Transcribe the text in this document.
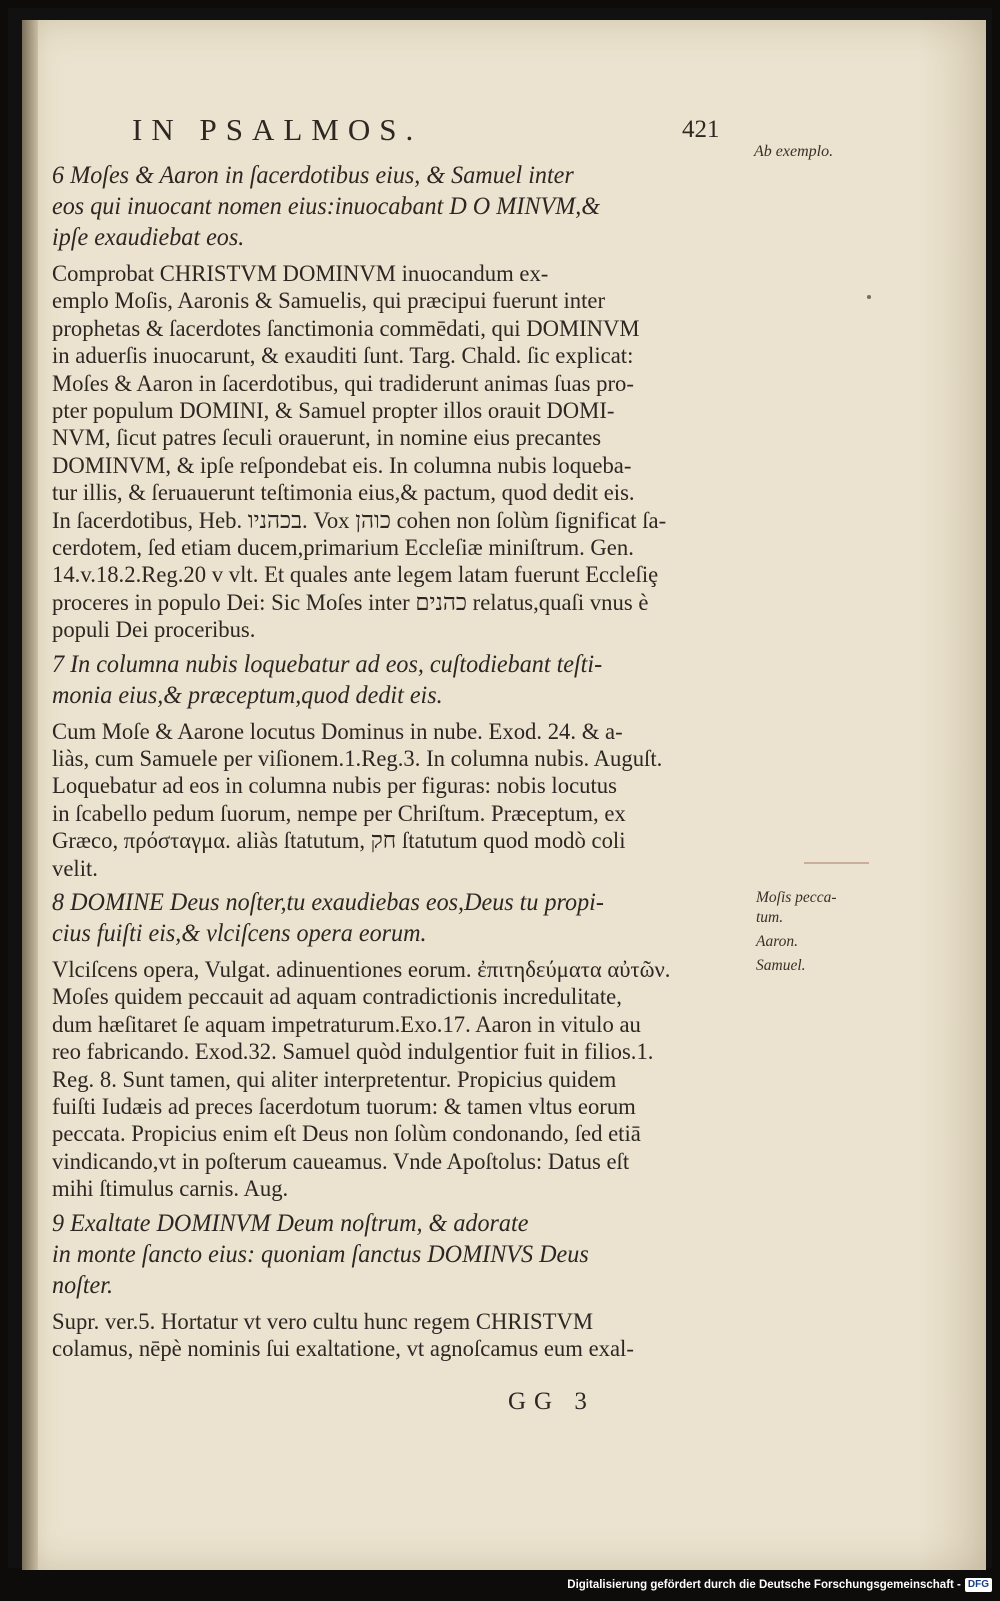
IN PSALMOS.	421
6 Moſes & Aaron in ſacerdotibus eius, & Samuel inter
eos qui inuocant nomen eius:inuocabant D O MINVM,&
ipſe exaudiebat eos.
Comprobat CHRISTVM DOMINVM inuocandum ex-
emplo Moſis, Aaronis & Samuelis, qui præcipui fuerunt inter
prophetas & ſacerdotes ſanctimonia commēdati, qui DOMINVM
in aduerſis inuocarunt, & exauditi ſunt. Targ. Chald. ſic explicat:
Moſes & Aaron in ſacerdotibus, qui tradiderunt animas ſuas pro-
pter populum DOMINI, & Samuel propter illos orauit DOMI-
NVM, ſicut patres ſeculi orauerunt, in nomine eius precantes
DOMINVM, & ipſe reſpondebat eis. In columna nubis loqueba-
tur illis, & ſeruauerunt teſtimonia eius,& pactum, quod dedit eis.
In ſacerdotibus, Heb. בכהניו. Vox כוהן cohen non ſolùm ſignificat ſa-
cerdotem, ſed etiam ducem,primarium Eccleſiæ miniſtrum. Gen.
14.v.18.2.Reg.20 v vlt. Et quales ante legem latam fuerunt Eccleſiȩ
proceres in populo Dei: Sic Moſes inter כהנים relatus,quaſi vnus è
populi Dei proceribus.
7 In columna nubis loquebatur ad eos, cuſtodiebant teſti-
monia eius,& præceptum,quod dedit eis.
Cum Moſe & Aarone locutus Dominus in nube. Exod. 24. & a-
liàs, cum Samuele per viſionem.1.Reg.3. In columna nubis. Auguſt.
Loquebatur ad eos in columna nubis per figuras: nobis locutus
in ſcabello pedum ſuorum, nempe per Chriſtum. Præceptum, ex
Græco, πρόσταγμα. aliàs ſtatutum, חק ſtatutum quod modò coli
velit.
8 DOMINE Deus noſter,tu exaudiebas eos,Deus tu propi-
cius fuiſti eis,& vlciſcens opera eorum.
Vlciſcens opera, Vulgat. adinuentiones eorum. ἐπιτηδεύματα αὐτῶν.
Moſes quidem peccauit ad aquam contradictionis incredulitate,
dum hæſitaret ſe aquam impetraturum.Exo.17. Aaron in vitulo au
reo fabricando. Exod.32. Samuel quòd indulgentior fuit in filios.1.
Reg. 8. Sunt tamen, qui aliter interpretentur. Propicius quidem
fuiſti Iudæis ad preces ſacerdotum tuorum: & tamen vltus eorum
peccata. Propicius enim eſt Deus non ſolùm condonando, ſed etiā
vindicando,vt in poſterum caueamus. Vnde Apoſtolus: Datus eſt
mihi ſtimulus carnis. Aug.
9 Exaltate DOMINVM Deum noſtrum, & adorate
in monte ſancto eius: quoniam ſanctus DOMINVS Deus
noſter.
Supr. ver.5. Hortatur vt vero cultu hunc regem CHRISTVM
colamus, nēpè nominis ſui exaltatione, vt agnoſcamus eum exal-
Ab exemplo.
Moſis pecca-
tum.
Aaron.
Samuel.
GG 3
Digitalisierung gefördert durch die Deutsche Forschungsgemeinschaft - DFG
